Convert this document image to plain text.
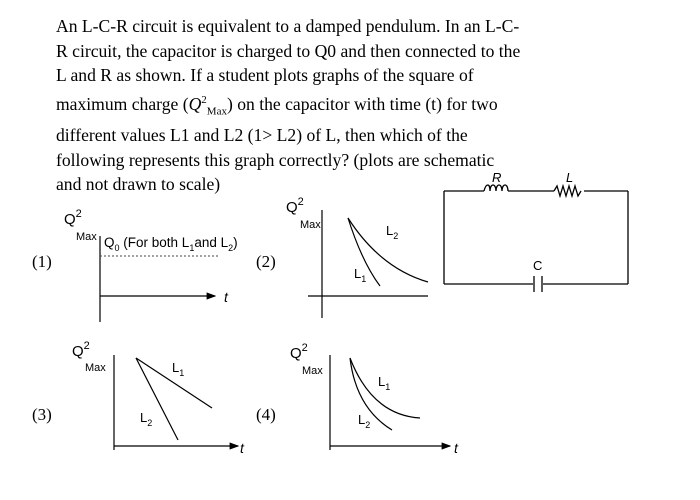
An L-C-R circuit is equivalent to a damped pendulum. In an L-C-
R circuit, the capacitor is charged to Q0 and then connected to the
L and R as shown. If a student plots graphs of the square of
maximum charge $(Q^2_{Max})$ on the capacitor with time (t) for two
different values L1 and L2 (1> L2) of L, then which of the
following represents this graph correctly? (plots are schematic
and not drawn to scale)	R	L
C
(1)
$Q^2$
Max $Q_0$ (For both $L_1and$ $L_2$)
t
(2)
$Q^2$
Max	$L_2$
$L_1$
(3)
$Q^2$
Max	$L_1$
$L_2$
t
(4)
$Q^2$
Max
$L_1$
$L_2$
t
